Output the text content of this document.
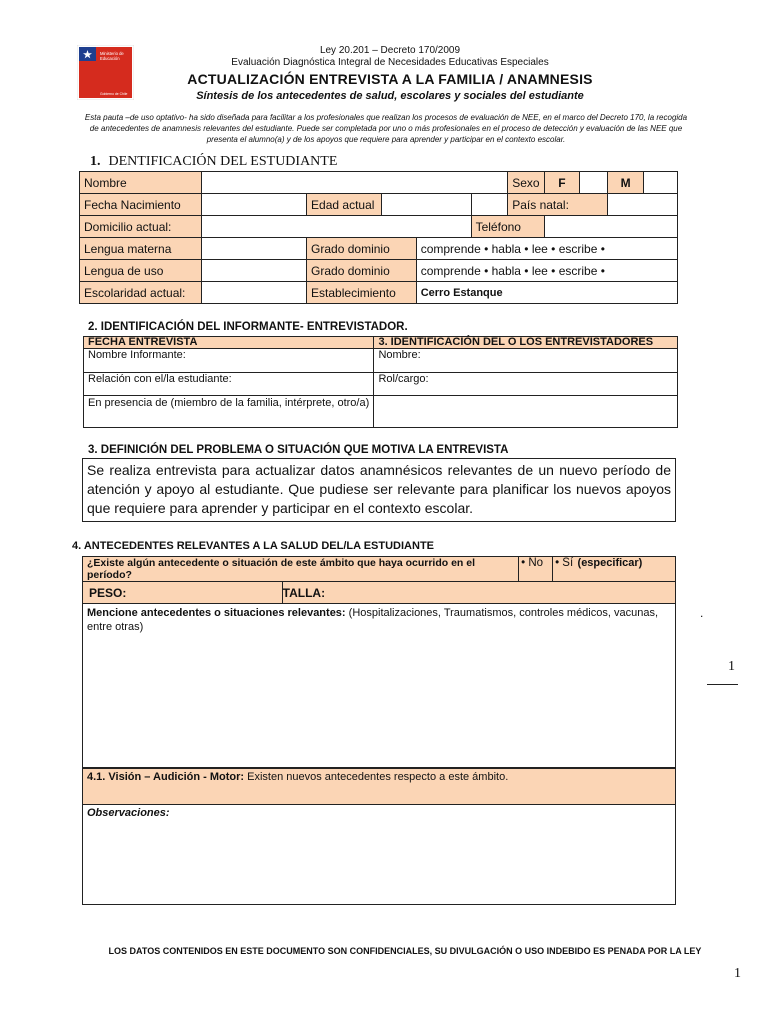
Ministerio de
Educación
Gobierno de Chile
Ley 20.201 – Decreto 170/2009
Evaluación Diagnóstica Integral de Necesidades Educativas Especiales
ACTUALIZACIÓN ENTREVISTA A LA FAMILIA / ANAMNESIS
Síntesis de los antecedentes de salud, escolares y sociales del estudiante
Esta pauta –de uso optativo- ha sido diseñada para facilitar a los profesionales que realizan los procesos de evaluación de NEE, en el marco del Decreto 170, la recogida de antecedentes de anamnesis relevantes del estudiante. Puede ser completada por uno o más profesionales en el proceso de detección y evaluación de las NEE que presenta el alumno(a) y de los apoyos que requiere para aprender y participar en el contexto escolar.
1. DENTIFICACIÓN DEL ESTUDIANTE
Nombre						Sexo	F		M	
Fecha Nacimiento		Edad actual				País natal:				
Domicilio actual:					Teléfono					
Lengua materna		Grado dominio		comprende • habla • lee • escribe •						
Lengua de uso		Grado dominio		comprende • habla • lee • escribe •						
Escolaridad actual:		Establecimiento		Cerro Estanque						
2. IDENTIFICACIÓN DEL INFORMANTE- ENTREVISTADOR.
FECHA ENTREVISTA	3. IDENTIFICACIÓN DEL O LOS ENTREVISTADORES
Nombre Informante:	Nombre:
Relación con el/la estudiante:	Rol/cargo:
En presencia de (miembro de la familia, intérprete, otro/a)	
3. DEFINICIÓN DEL PROBLEMA O SITUACIÓN QUE MOTIVA LA ENTREVISTA
Se realiza entrevista para actualizar datos anamnésicos relevantes de un nuevo período de atención y apoyo al estudiante. Que pudiese ser relevante para planificar los nuevos apoyos que requiere para aprender y participar en el contexto escolar.
4. ANTECEDENTES RELEVANTES A LA SALUD DEL/LA ESTUDIANTE
¿Existe algún antecedente o situación de este ámbito que haya ocurrido en el período?		• No	• Sí	(especificar)
PESO:	TALLA:			
Mencione antecedentes o situaciones relevantes: (Hospitalizaciones, Traumatismos, controles médicos, vacunas, entre otras)				
4.1. Visión – Audición - Motor: Existen nuevos antecedentes respecto a este ámbito.
Observaciones:
.
1
LOS DATOS CONTENIDOS EN ESTE DOCUMENTO SON CONFIDENCIALES, SU DIVULGACIÓN O USO INDEBIDO ES PENADA POR LA LEY
1
